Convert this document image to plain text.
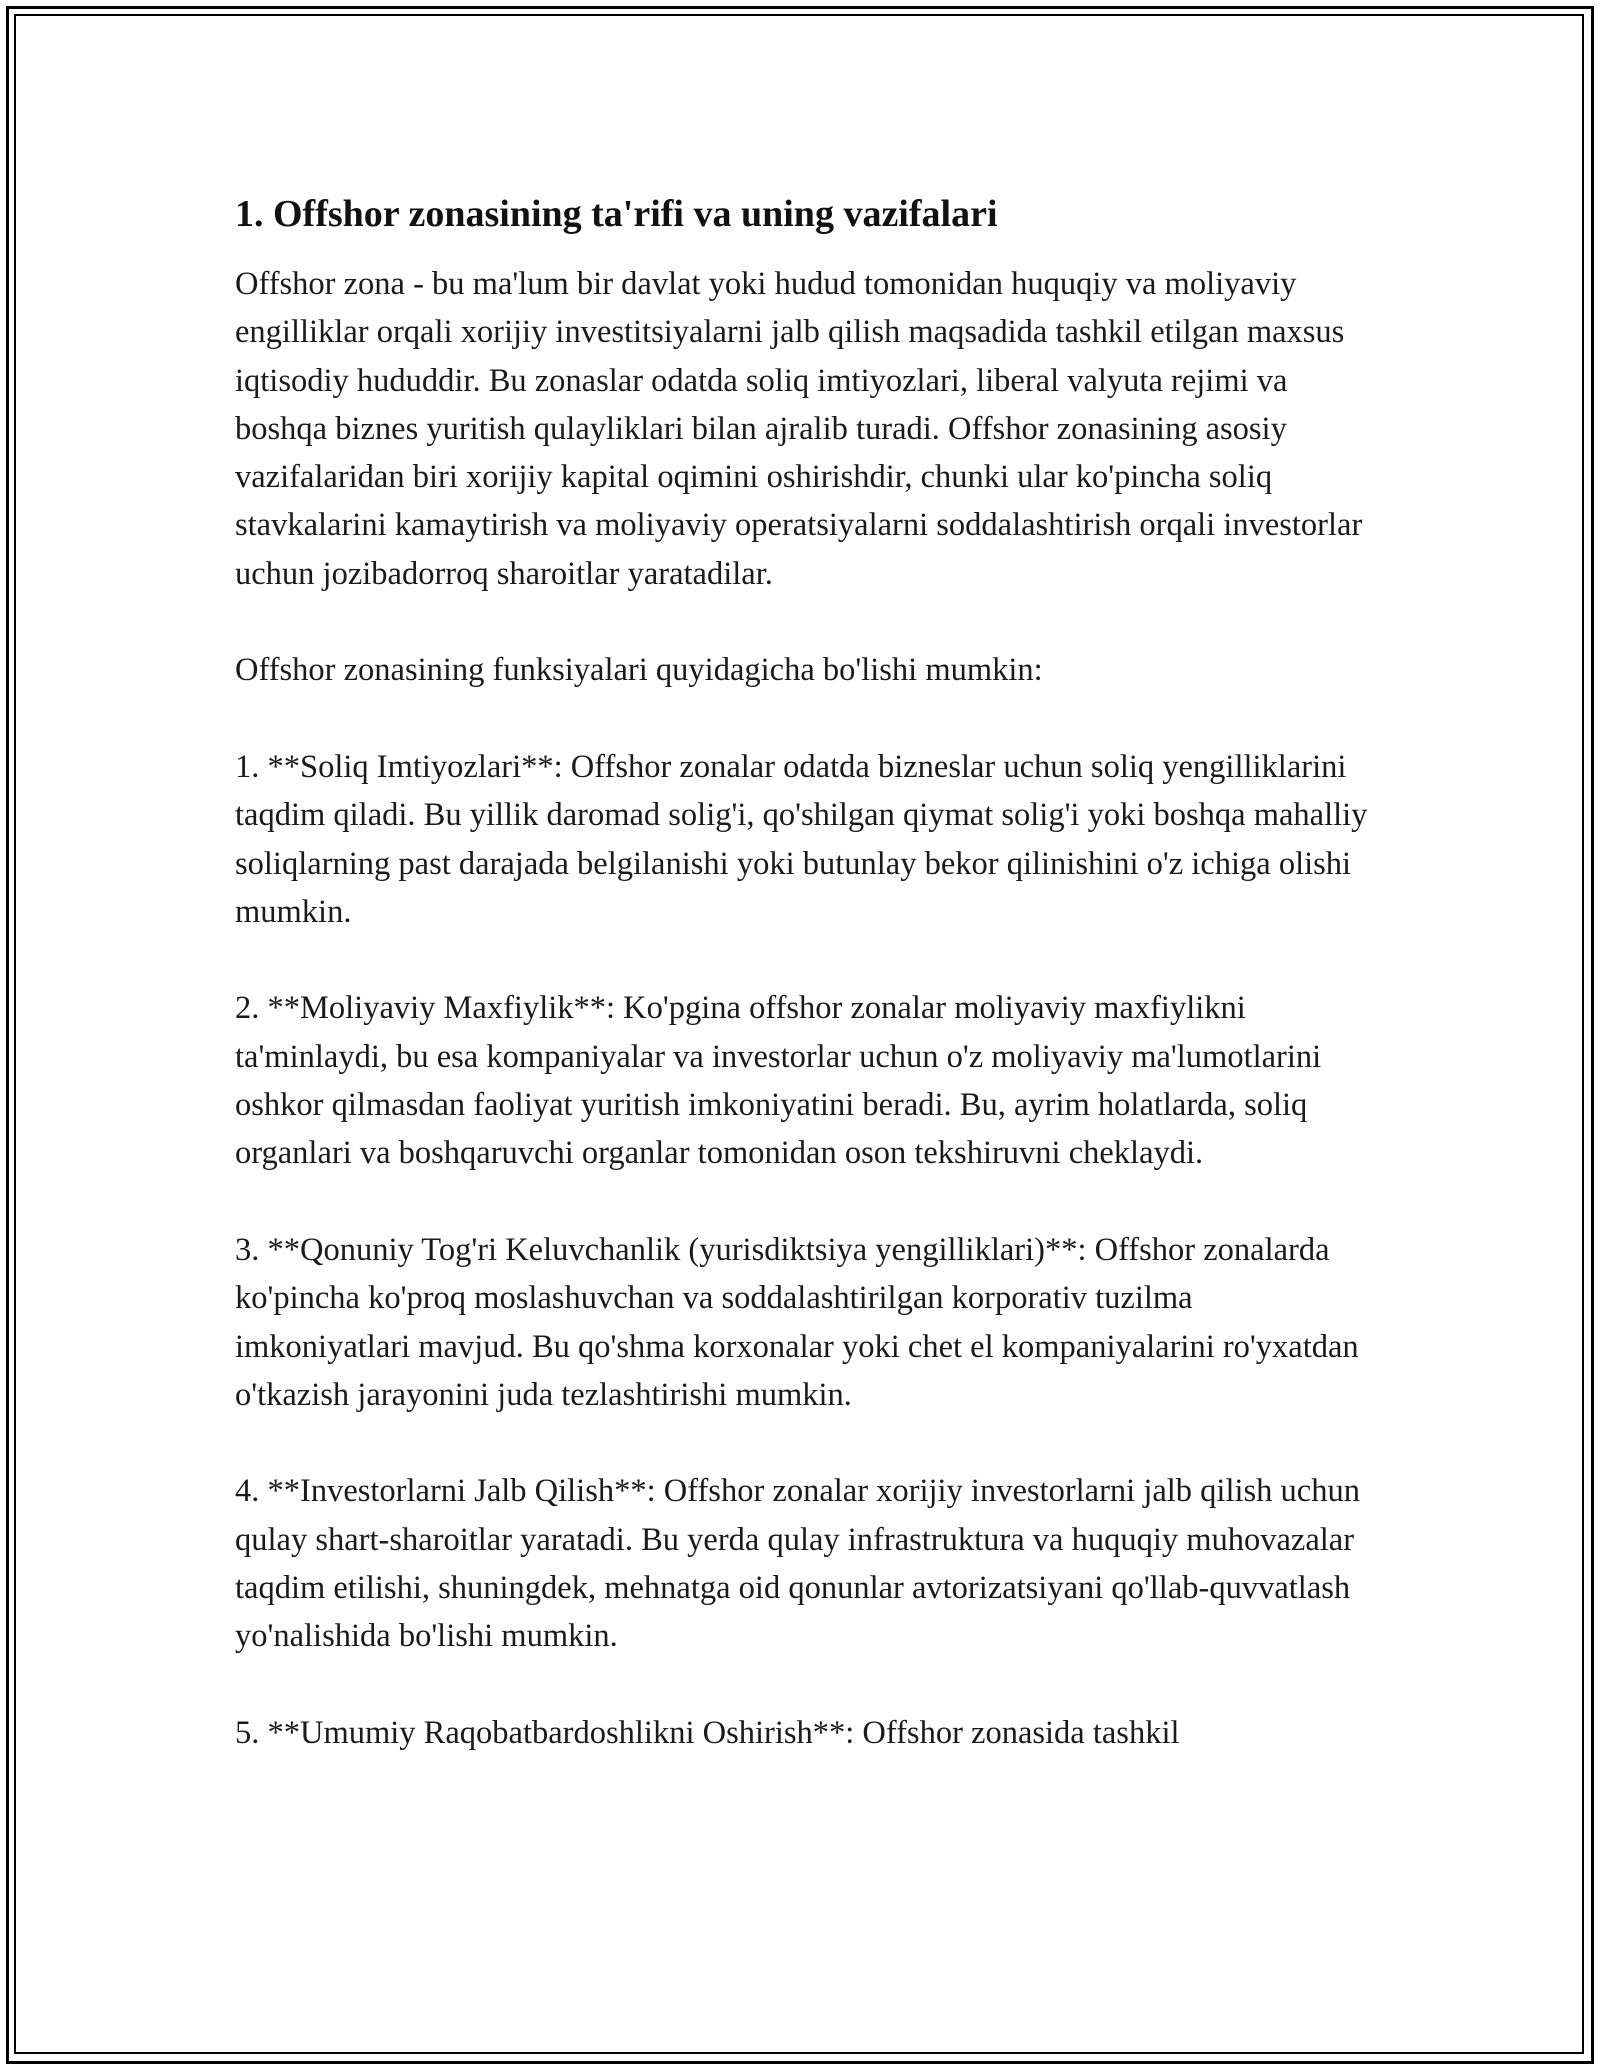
1. Offshor zonasining ta'rifi va uning vazifalari

Offshor zona - bu ma'lum bir davlat yoki hudud tomonidan huquqiy va moliyaviy engilliklar orqali xorijiy investitsiyalarni jalb qilish maqsadida tashkil etilgan maxsus iqtisodiy hududdir. Bu zonaslar odatda soliq imtiyozlari, liberal valyuta rejimi va boshqa biznes yuritish qulayliklari bilan ajralib turadi. Offshor zonasining asosiy vazifalaridan biri xorijiy kapital oqimini oshirishdir, chunki ular ko'pincha soliq stavkalarini kamaytirish va moliyaviy operatsiyalarni soddalashtirish orqali investorlar uchun jozibadorroq sharoitlar yaratadilar.

Offshor zonasining funksiyalari quyidagicha bo'lishi mumkin:

1. **Soliq Imtiyozlari**: Offshor zonalar odatda bizneslar uchun soliq yengilliklarini taqdim qiladi. Bu yillik daromad solig'i, qo'shilgan qiymat solig'i yoki boshqa mahalliy soliqlarning past darajada belgilanishi yoki butunlay bekor qilinishini o'z ichiga olishi mumkin.

2. **Moliyaviy Maxfiylik**: Ko'pgina offshor zonalar moliyaviy maxfiylikni ta'minlaydi, bu esa kompaniyalar va investorlar uchun o'z moliyaviy ma'lumotlarini oshkor qilmasdan faoliyat yuritish imkoniyatini beradi. Bu, ayrim holatlarda, soliq organlari va boshqaruvchi organlar tomonidan oson tekshiruvni cheklaydi.

3. **Qonuniy Tog'ri Keluvchanlik (yurisdiktsiya yengilliklari)**: Offshor zonalarda ko'pincha ko'proq moslashuvchan va soddalashtirilgan korporativ tuzilma imkoniyatlari mavjud. Bu qo'shma korxonalar yoki chet el kompaniyalarini ro'yxatdan o'tkazish jarayonini juda tezlashtirishi mumkin.

4. **Investorlarni Jalb Qilish**: Offshor zonalar xorijiy investorlarni jalb qilish uchun qulay shart-sharoitlar yaratadi. Bu yerda qulay infrastruktura va huquqiy muhovazalar taqdim etilishi, shuningdek, mehnatga oid qonunlar avtorizatsiyani qo'llab-quvvatlash yo'nalishida bo'lishi mumkin.

5. **Umumiy Raqobatbardoshlikni Oshirish**: Offshor zonasida tashkil
